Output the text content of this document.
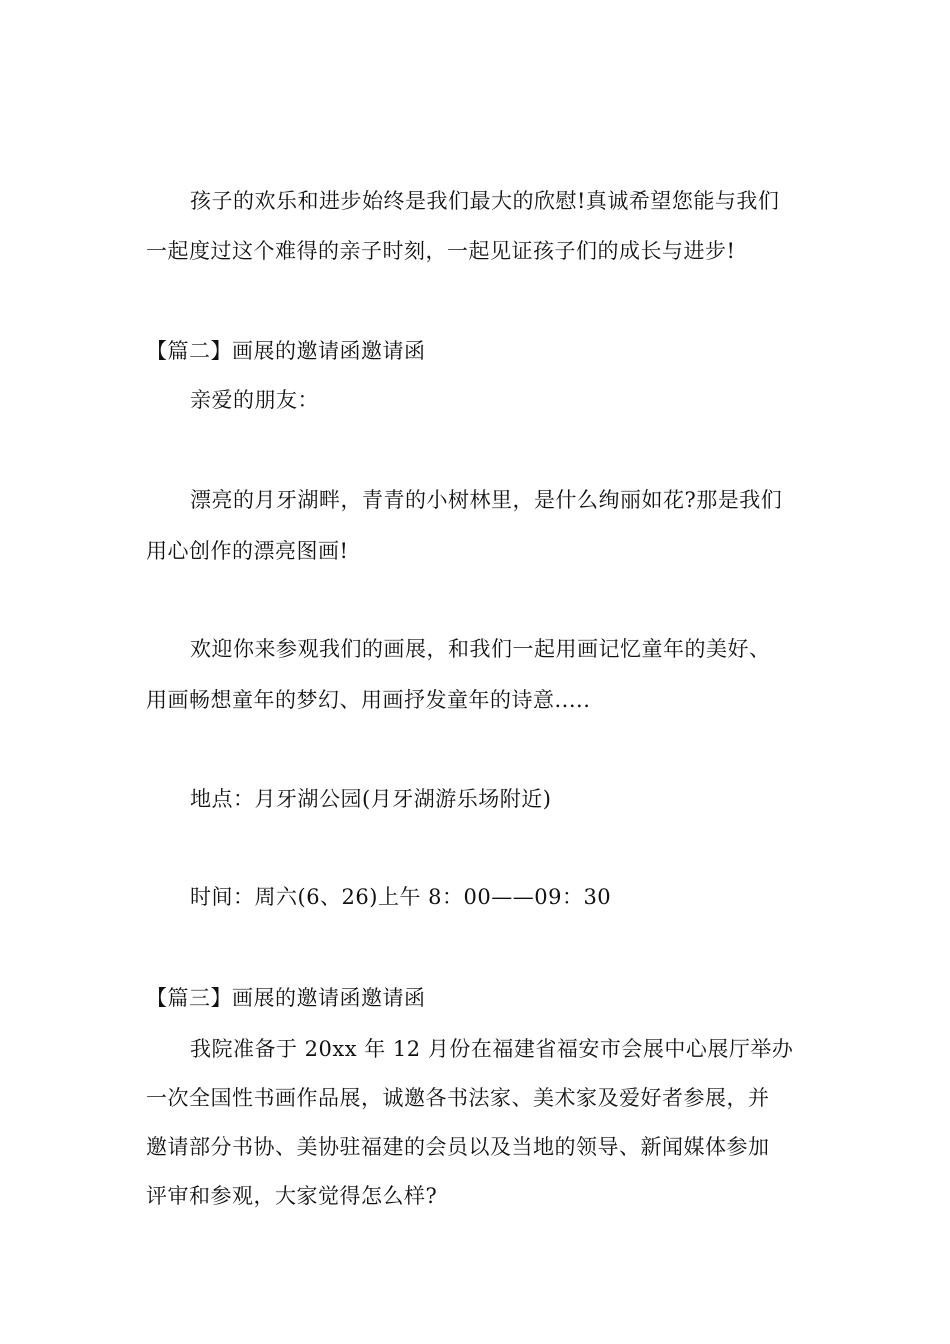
孩子的欢乐和进步始终是我们最大的欣慰!真诚希望您能与我们
一起度过这个难得的亲子时刻，一起见证孩子们的成长与进步!
【篇二】画展的邀请函邀请函
亲爱的朋友：
漂亮的月牙湖畔，青青的小树林里，是什么绚丽如花?那是我们
用心创作的漂亮图画!
欢迎你来参观我们的画展，和我们一起用画记忆童年的美好、
用画畅想童年的梦幻、用画抒发童年的诗意.....
地点：月牙湖公园(月牙湖游乐场附近)
时间：周六(6、26)上午 8：00——09：30
【篇三】画展的邀请函邀请函
我院准备于 20xx 年 12 月份在福建省福安市会展中心展厅举办
一次全国性书画作品展，诚邀各书法家、美术家及爱好者参展，并
邀请部分书协、美协驻福建的会员以及当地的领导、新闻媒体参加
评审和参观，大家觉得怎么样?
